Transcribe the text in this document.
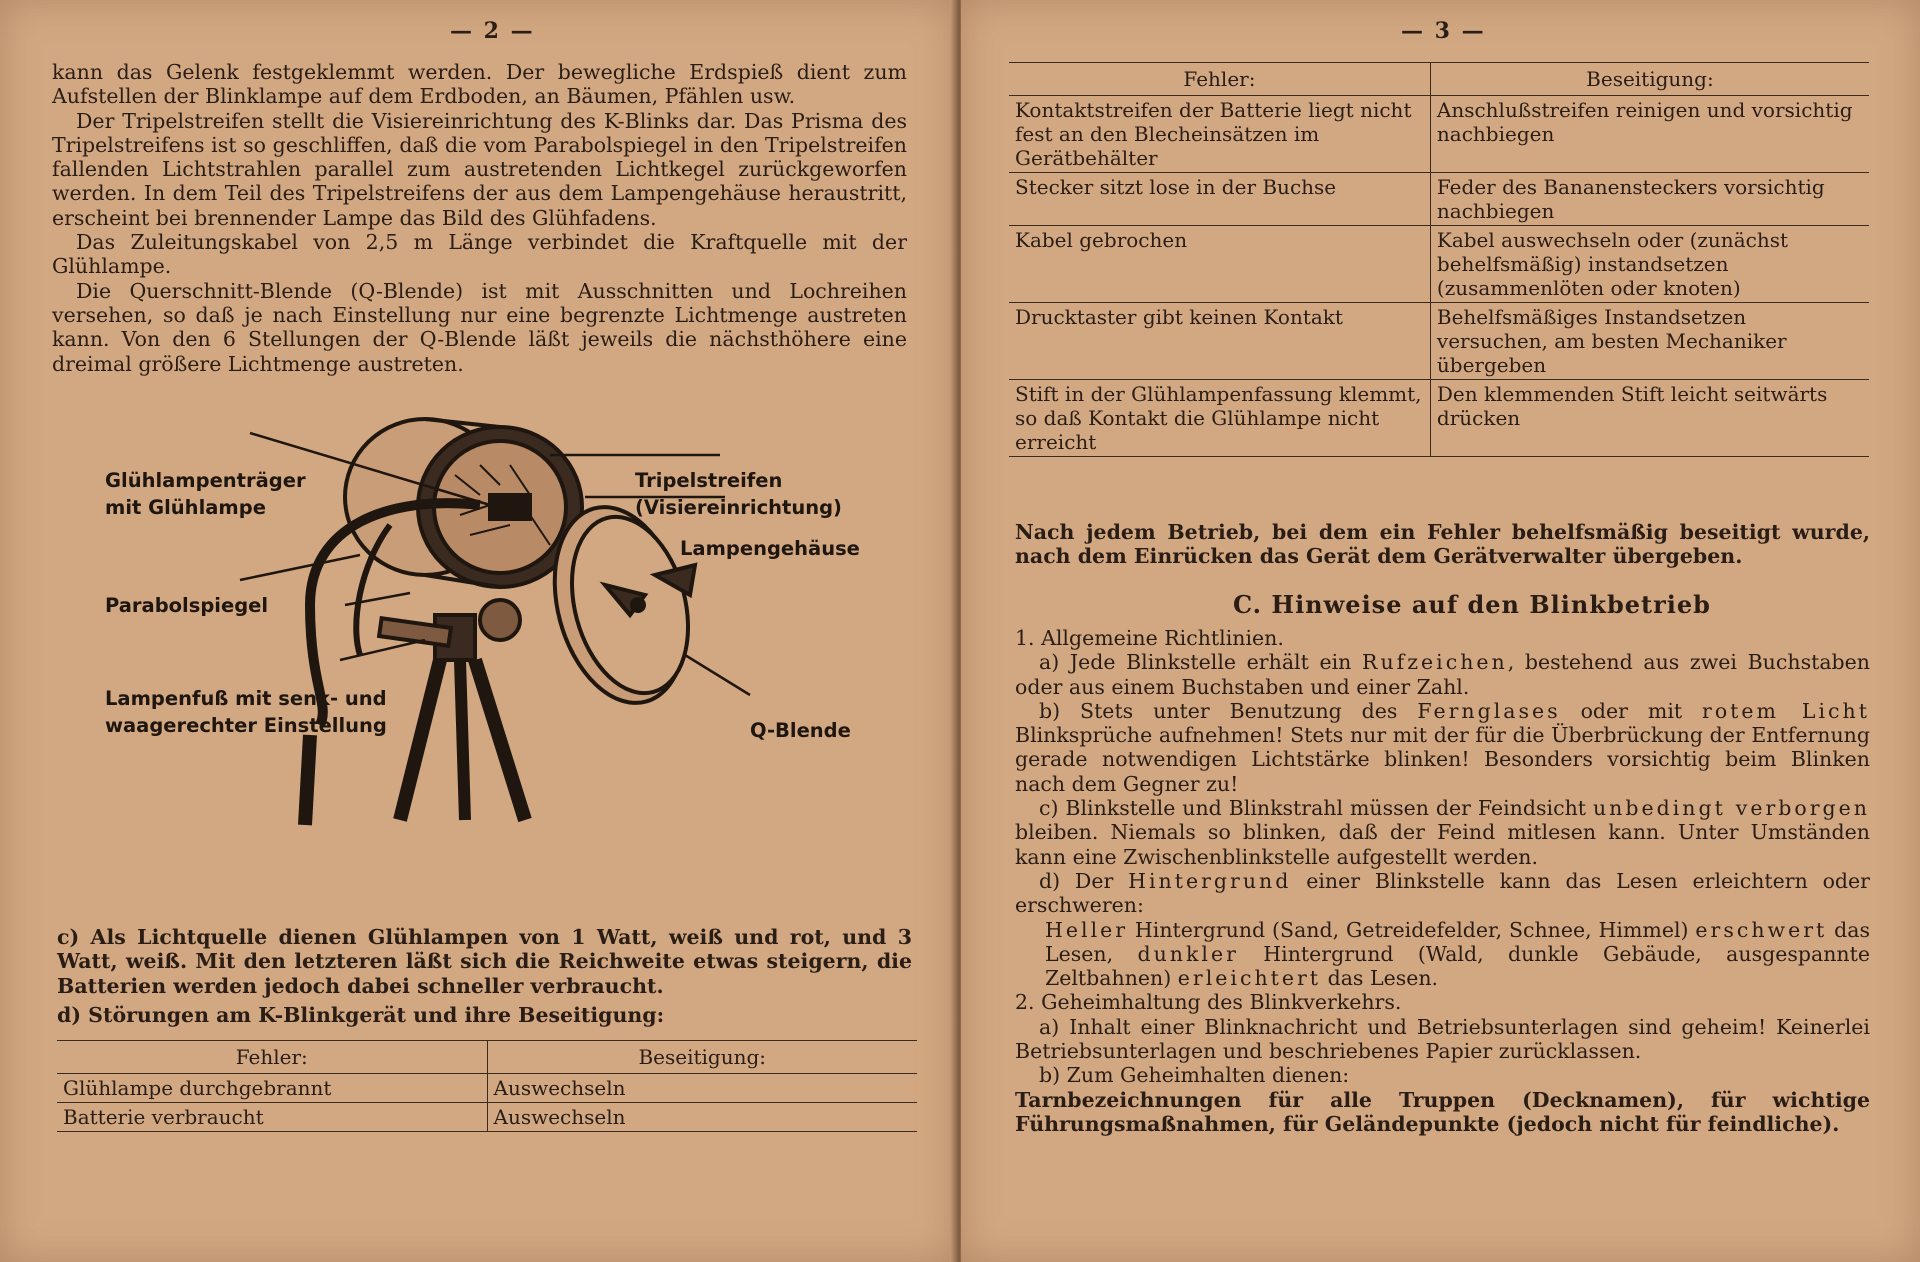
— 2 —

kann das Gelenk festgeklemmt werden. Der bewegliche Erdspieß dient zum Aufstellen der Blinklampe auf dem Erdboden, an Bäumen, Pfählen usw.

Der Tripelstreifen stellt die Visiereinrichtung des K-Blinks dar. Das Prisma des Tripelstreifens ist so geschliffen, daß die vom Parabolspiegel in den Tripelstreifen fallenden Lichtstrahlen parallel zum austretenden Lichtkegel zurückgeworfen werden. In dem Teil des Tripelstreifens der aus dem Lampengehäuse heraustritt, erscheint bei brennender Lampe das Bild des Glühfadens.

Das Zuleitungskabel von 2,5 m Länge verbindet die Kraftquelle mit der Glühlampe.

Die Querschnitt-Blende (Q-Blende) ist mit Ausschnitten und Lochreihen versehen, so daß je nach Einstellung nur eine begrenzte Lichtmenge austreten kann. Von den 6 Stellungen der Q-Blende läßt jeweils die nächsthöhere eine dreimal größere Lichtmenge austreten.

Glühlampenträger mit Glühlampe
Tripelstreifen (Visiereinrichtung)
Lampengehäuse
Parabolspiegel
Lampenfuß mit senk- und waagerechter Einstellung	Q-Blende
c) Als Lichtquelle dienen Glühlampen von 1 Watt, weiß und rot, und 3 Watt, weiß. Mit den letzteren läßt sich die Reichweite etwas steigern, die Batterien werden jedoch dabei schneller verbraucht.
d) Störungen am K-Blinkgerät und ihre Beseitigung:
Fehler:	Beseitigung:
Glühlampe durchgebrannt	Auswechseln
Batterie verbraucht	Auswechseln
— 3 —
Fehler:	Beseitigung:
Kontaktstreifen der Batterie liegt nicht fest an den Blecheinsätzen im Gerätbehälter	Anschlußstreifen reinigen und vorsichtig nachbiegen
Stecker sitzt lose in der Buchse	Feder des Bananensteckers vorsichtig nachbiegen
Kabel gebrochen	Kabel auswechseln oder (zunächst behelfsmäßig) instandsetzen (zusammenlöten oder knoten)
Drucktaster gibt keinen Kontakt	Behelfsmäßiges Instandsetzen versuchen, am besten Mechaniker übergeben
Stift in der Glühlampenfassung klemmt, so daß Kontakt die Glühlampe nicht erreicht	Den klemmenden Stift leicht seitwärts drücken
Nach jedem Betrieb, bei dem ein Fehler behelfsmäßig beseitigt wurde, nach dem Einrücken das Gerät dem Gerätverwalter übergeben.
C. Hinweise auf den Blinkbetrieb

1. Allgemeine Richtlinien.

a) Jede Blinkstelle erhält ein Rufzeichen, bestehend aus zwei Buchstaben oder aus einem Buchstaben und einer Zahl.

b) Stets unter Benutzung des Fernglases oder mit rotem Licht Blinksprüche aufnehmen! Stets nur mit der für die Überbrückung der Entfernung gerade notwendigen Lichtstärke blinken! Besonders vorsichtig beim Blinken nach dem Gegner zu!

c) Blinkstelle und Blinkstrahl müssen der Feindsicht unbedingt verborgen bleiben. Niemals so blinken, daß der Feind mitlesen kann. Unter Umständen kann eine Zwischenblinkstelle aufgestellt werden.

d) Der Hintergrund einer Blinkstelle kann das Lesen erleichtern oder erschweren:

Heller Hintergrund (Sand, Getreidefelder, Schnee, Himmel) erschwert das Lesen, dunkler Hintergrund (Wald, dunkle Gebäude, ausgespannte Zeltbahnen) erleichtert das Lesen.

2. Geheimhaltung des Blinkverkehrs.

a) Inhalt einer Blinknachricht und Betriebsunterlagen sind geheim! Keinerlei Betriebsunterlagen und beschriebenes Papier zurücklassen.

b) Zum Geheimhalten dienen:

Tarnbezeichnungen für alle Truppen (Decknamen), für wichtige Führungsmaßnahmen, für Geländepunkte (jedoch nicht für feindliche).
